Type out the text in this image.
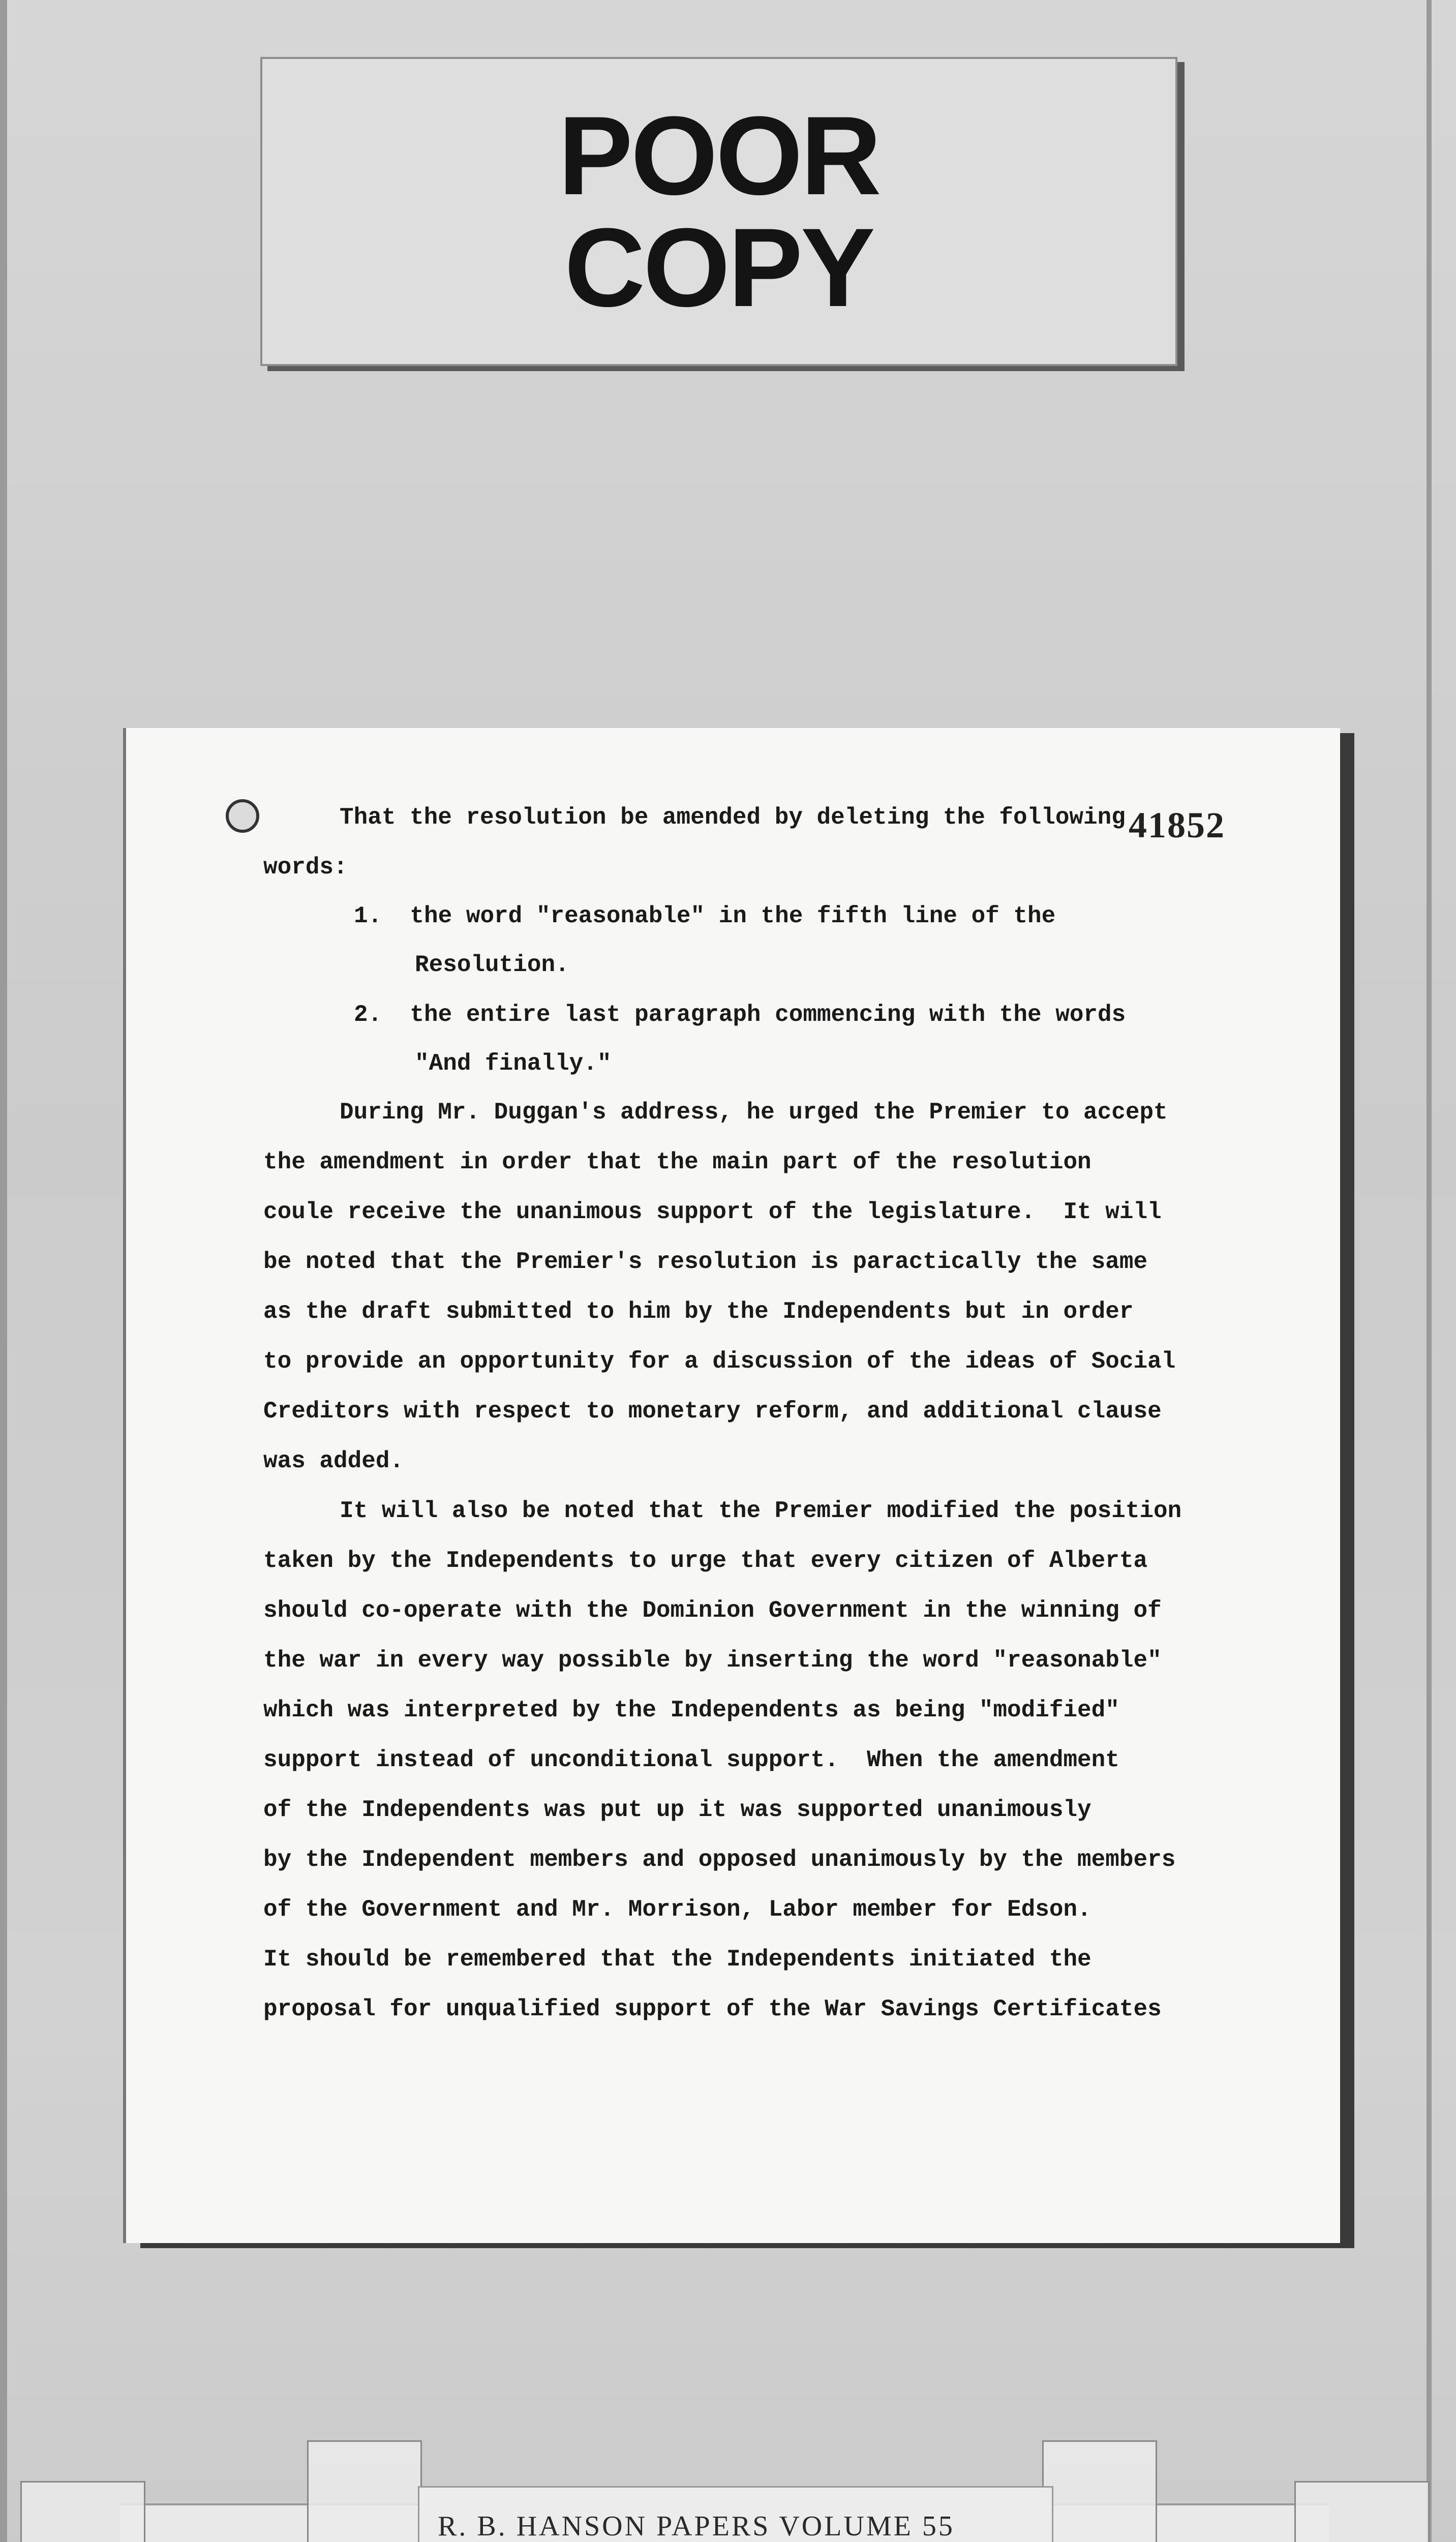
POOR
COPY
41852
That the resolution be amended by deleting the following
words:
1.  the word "reasonable" in the fifth line of the
Resolution.
2.  the entire last paragraph commencing with the words
"And finally."
During Mr. Duggan's address, he urged the Premier to accept
the amendment in order that the main part of the resolution
coule receive the unanimous support of the legislature.  It will
be noted that the Premier's resolution is paractically the same
as the draft submitted to him by the Independents but in order
to provide an opportunity for a discussion of the ideas of Social
Creditors with respect to monetary reform, and additional clause
was added.
It will also be noted that the Premier modified the position
taken by the Independents to urge that every citizen of Alberta
should co-operate with the Dominion Government in the winning of
the war in every way possible by inserting the word "reasonable"
which was interpreted by the Independents as being "modified"
support instead of unconditional support.  When the amendment
of the Independents was put up it was supported unanimously
by the Independent members and opposed unanimously by the members
of the Government and Mr. Morrison, Labor member for Edson.
It should be remembered that the Independents initiated the
proposal for unqualified support of the War Savings Certificates
R. B. HANSON PAPERS VOLUME 55
